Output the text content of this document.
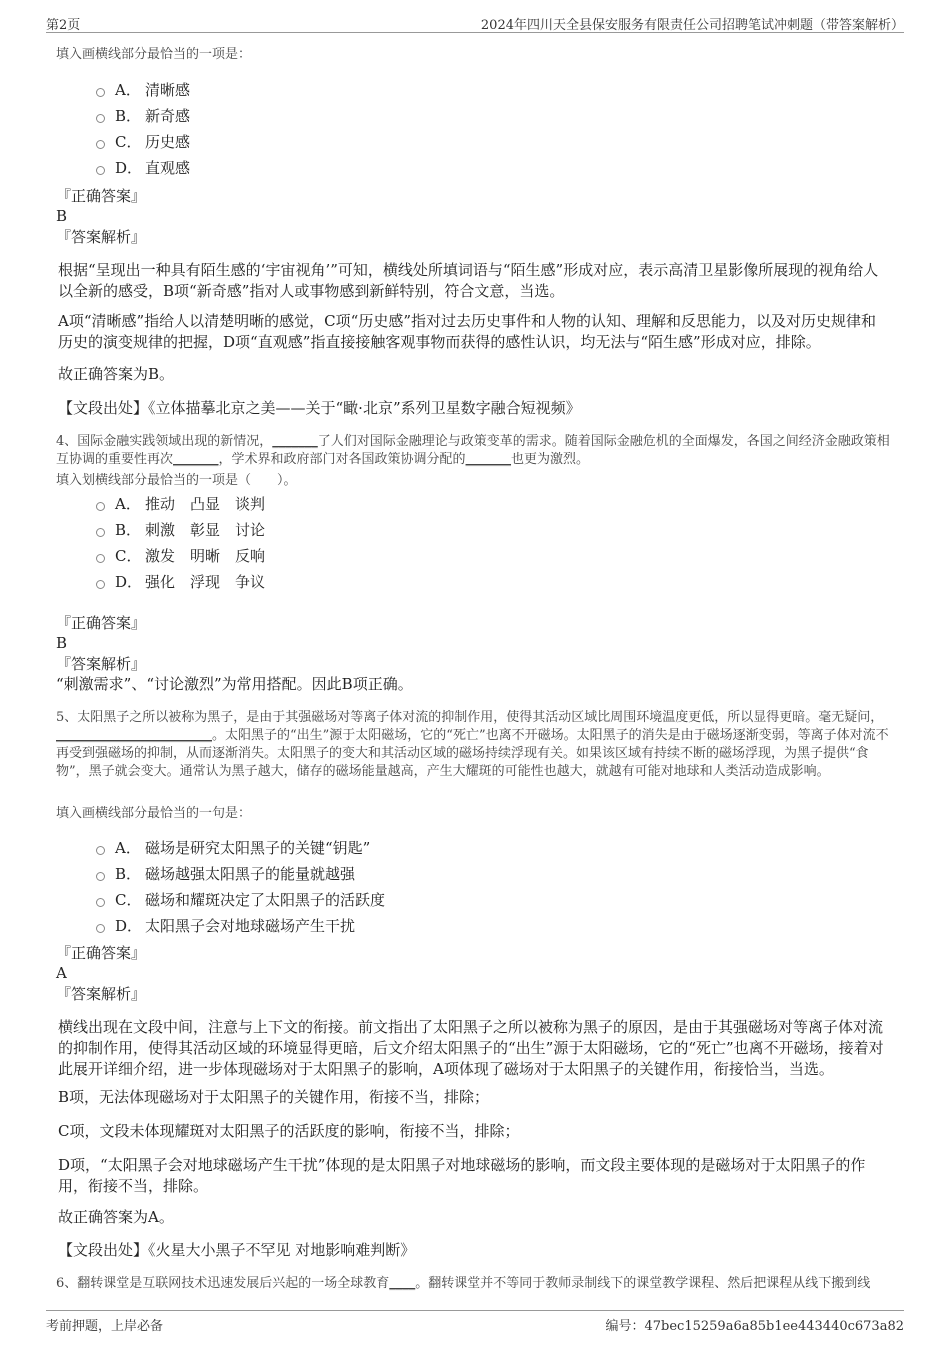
第2页	2024年四川天全县保安服务有限责任公司招聘笔试冲刺题（带答案解析）
填入画横线部分最恰当的一项是：
A． 清晰感
B． 新奇感
C． 历史感
D． 直观感
『正确答案』
B
『答案解析』
根据“呈现出一种具有陌生感的‘宇宙视角’”可知，横线处所填词语与“陌生感”形成对应，表示高清卫星影像所展现的视角给人以全新的感受，B项“新奇感”指对人或事物感到新鲜特别，符合文意，当选。
A项“清晰感”指给人以清楚明晰的感觉，C项“历史感”指对过去历史事件和人物的认知、理解和反思能力，以及对历史规律和历史的演变规律的把握，D项“直观感”指直接接触客观事物而获得的感性认识，均无法与“陌生感”形成对应，排除。
故正确答案为B。
【文段出处】《立体描摹北京之美——关于“瞰·北京”系列卫星数字融合短视频》
4、国际金融实践领域出现的新情况，_______了人们对国际金融理论与政策变革的需求。随着国际金融危机的全面爆发，各国之间经济金融政策相互协调的重要性再次_______，学术界和政府部门对各国政策协调分配的_______也更为激烈。
填入划横线部分最恰当的一项是（　　）。
A． 推动　凸显　谈判
B． 刺激　彰显　讨论
C． 激发　明晰　反响
D． 强化　浮现　争议
『正确答案』
B
『答案解析』
“刺激需求”、“讨论激烈”为常用搭配。因此B项正确。
5、太阳黑子之所以被称为黑子，是由于其强磁场对等离子体对流的抑制作用，使得其活动区域比周围环境温度更低，所以显得更暗。毫无疑问，________________________。太阳黑子的“出生”源于太阳磁场，它的“死亡”也离不开磁场。太阳黑子的消失是由于磁场逐渐变弱，等离子体对流不再受到强磁场的抑制，从而逐渐消失。太阳黑子的变大和其活动区域的磁场持续浮现有关。如果该区域有持续不断的磁场浮现，为黑子提供“食物”，黑子就会变大。通常认为黑子越大，储存的磁场能量越高，产生大耀斑的可能性也越大，就越有可能对地球和人类活动造成影响。
填入画横线部分最恰当的一句是：
A． 磁场是研究太阳黑子的关键“钥匙”
B． 磁场越强太阳黑子的能量就越强
C． 磁场和耀斑决定了太阳黑子的活跃度
D． 太阳黑子会对地球磁场产生干扰
『正确答案』
A
『答案解析』
横线出现在文段中间，注意与上下文的衔接。前文指出了太阳黑子之所以被称为黑子的原因，是由于其强磁场对等离子体对流的抑制作用，使得其活动区域的环境显得更暗，后文介绍太阳黑子的“出生”源于太阳磁场，它的“死亡”也离不开磁场，接着对此展开详细介绍，进一步体现磁场对于太阳黑子的影响，A项体现了磁场对于太阳黑子的关键作用，衔接恰当，当选。
B项，无法体现磁场对于太阳黑子的关键作用，衔接不当，排除；
C项，文段未体现耀斑对太阳黑子的活跃度的影响，衔接不当，排除；
D项，“太阳黑子会对地球磁场产生干扰”体现的是太阳黑子对地球磁场的影响，而文段主要体现的是磁场对于太阳黑子的作用，衔接不当，排除。
故正确答案为A。
【文段出处】《火星大小黑子不罕见 对地影响难判断》
6、翻转课堂是互联网技术迅速发展后兴起的一场全球教育____。翻转课堂并不等同于教师录制线下的课堂教学课程、然后把课程从线下搬到线
考前押题，上岸必备	编号：47bec15259a6a85b1ee443440c673a82
